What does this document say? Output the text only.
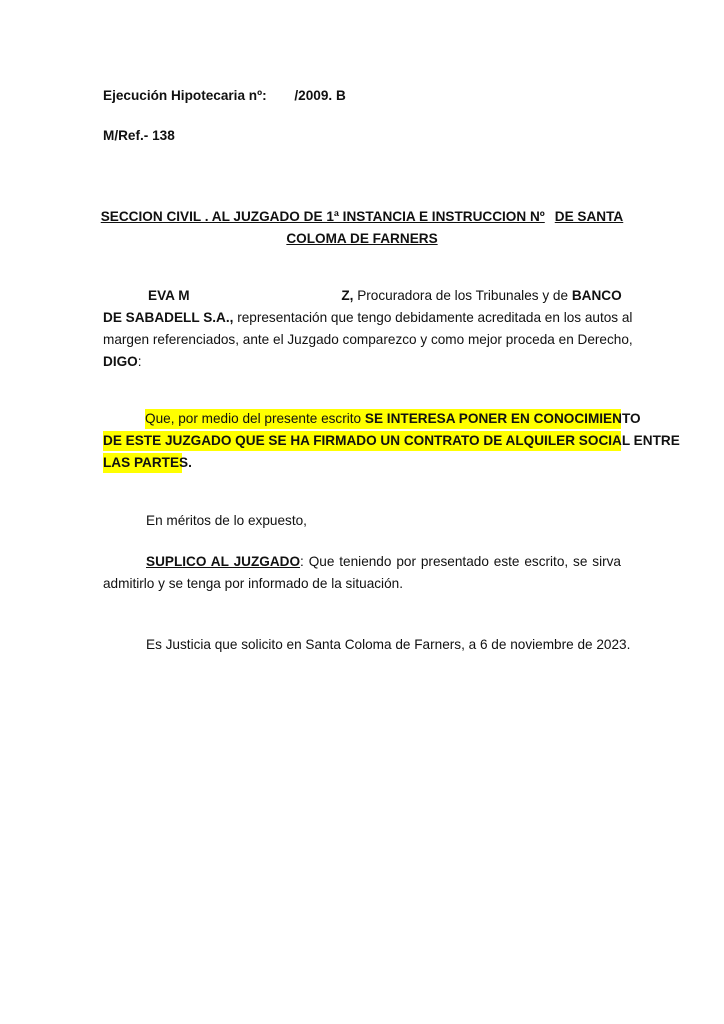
Ejecución Hipotecaria nº: /2009. B
M/Ref.- 138
SECCION CIVIL . AL JUZGADO DE 1ª INSTANCIA E INSTRUCCION Nº DE SANTA
COLOMA DE FARNERS
EVA M	Z, Procuradora de los Tribunales y de BANCO
DE SABADELL S.A., representación que tengo debidamente acreditada en los autos al
margen referenciados, ante el Juzgado comparezco y como mejor proceda en Derecho,
DIGO:
Que, por medio del presente escrito SE INTERESA PONER EN CONOCIMIENTO
DE ESTE JUZGADO QUE SE HA FIRMADO UN CONTRATO DE ALQUILER SOCIAL ENTRE
LAS PARTES.
En méritos de lo expuesto,
SUPLICO AL JUZGADO: Que teniendo por presentado este escrito, se sirva
admitirlo y se tenga por informado de la situación.
Es Justicia que solicito en Santa Coloma de Farners, a 6 de noviembre de 2023.
